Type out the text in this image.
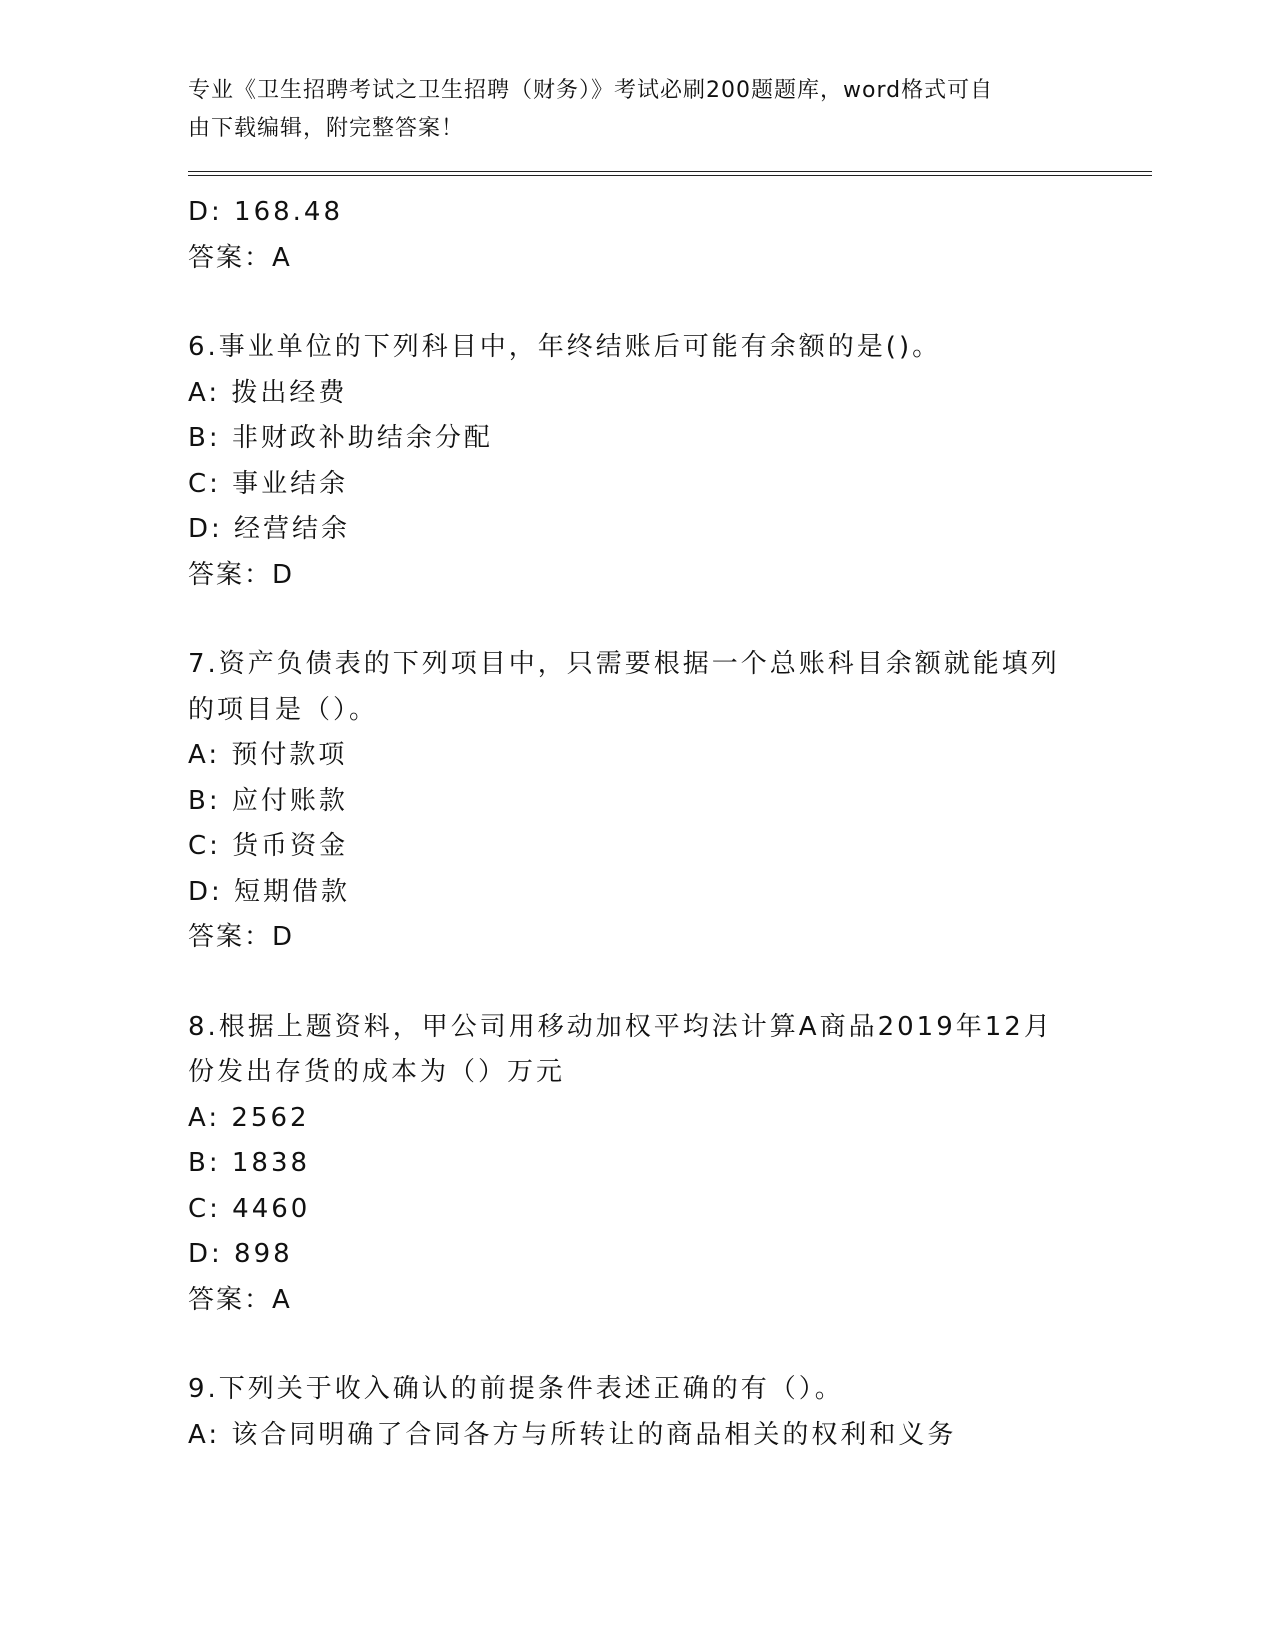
专业《卫生招聘考试之卫生招聘（财务）》考试必刷200题题库，word格式可自
由下载编辑，附完整答案！
D: 168.48
答案：A
6.事业单位的下列科目中，年终结账后可能有余额的是()。
A: 拨出经费
B: 非财政补助结余分配
C: 事业结余
D: 经营结余
答案：D
7.资产负债表的下列项目中，只需要根据一个总账科目余额就能填列
的项目是（）。
A: 预付款项
B: 应付账款
C: 货币资金
D: 短期借款
答案：D
8.根据上题资料，甲公司用移动加权平均法计算A商品2019年12月
份发出存货的成本为（）万元
A: 2562
B: 1838
C: 4460
D: 898
答案：A
9.下列关于收入确认的前提条件表述正确的有（）。
A: 该合同明确了合同各方与所转让的商品相关的权利和义务
